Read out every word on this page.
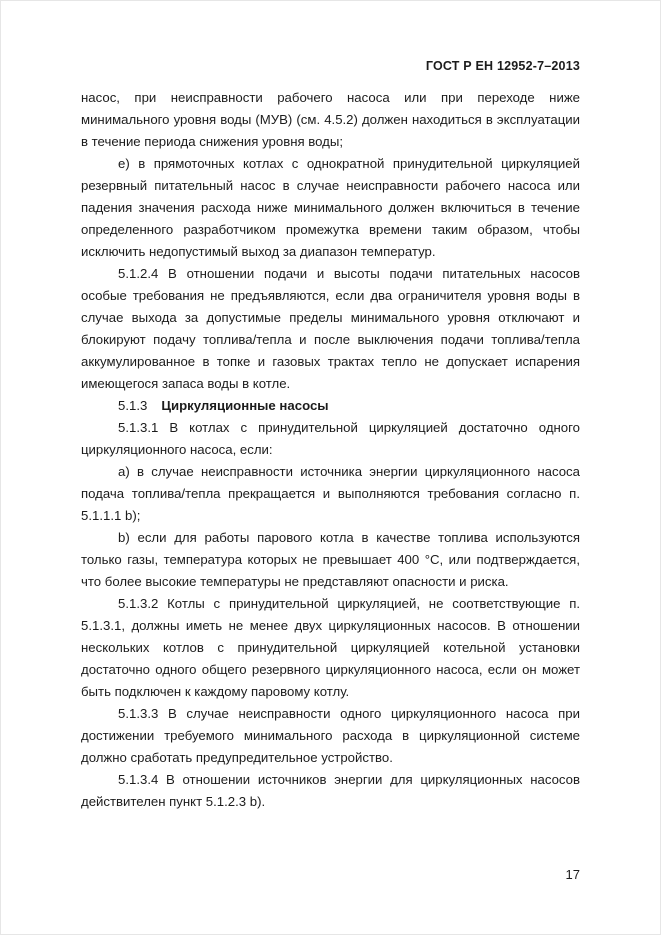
ГОСТ Р ЕН 12952-7–2013

насос, при неисправности рабочего насоса или при переходе ниже минимального уровня воды (МУВ) (см. 4.5.2) должен находиться в эксплуатации в течение периода снижения уровня воды;

е) в прямоточных котлах с однократной принудительной циркуляцией резервный питательный насос в случае неисправности рабочего насоса или падения значения расхода ниже минимального должен включиться в течение определенного разработчиком промежутка времени таким образом, чтобы исключить недопустимый выход за диапазон температур.

5.1.2.4 В отношении подачи и высоты подачи питательных насосов особые требования не предъявляются, если два ограничителя уровня воды в случае выхода за допустимые пределы минимального уровня отключают и блокируют подачу топлива/тепла и после выключения подачи топлива/тепла аккумулированное в топке и газовых трактах тепло не допускает испарения имеющегося запаса воды в котле.

5.1.3 Циркуляционные насосы

5.1.3.1 В котлах с принудительной циркуляцией достаточно одного циркуляционного насоса, если:

а) в случае неисправности источника энергии циркуляционного насоса подача топлива/тепла прекращается и выполняются требования согласно п. 5.1.1.1 b);

b) если для работы парового котла в качестве топлива используются только газы, температура которых не превышает 400 °С, или подтверждается, что более высокие температуры не представляют опасности и риска.

5.1.3.2 Котлы с принудительной циркуляцией, не соответствующие п. 5.1.3.1, должны иметь не менее двух циркуляционных насосов. В отношении нескольких котлов с принудительной циркуляцией котельной установки достаточно одного общего резервного циркуляционного насоса, если он может быть подключен к каждому паровому котлу.

5.1.3.3 В случае неисправности одного циркуляционного насоса при достижении требуемого минимального расхода в циркуляционной системе должно сработать предупредительное устройство.

5.1.3.4 В отношении источников энергии для циркуляционных насосов действителен пункт 5.1.2.3 b).

17
